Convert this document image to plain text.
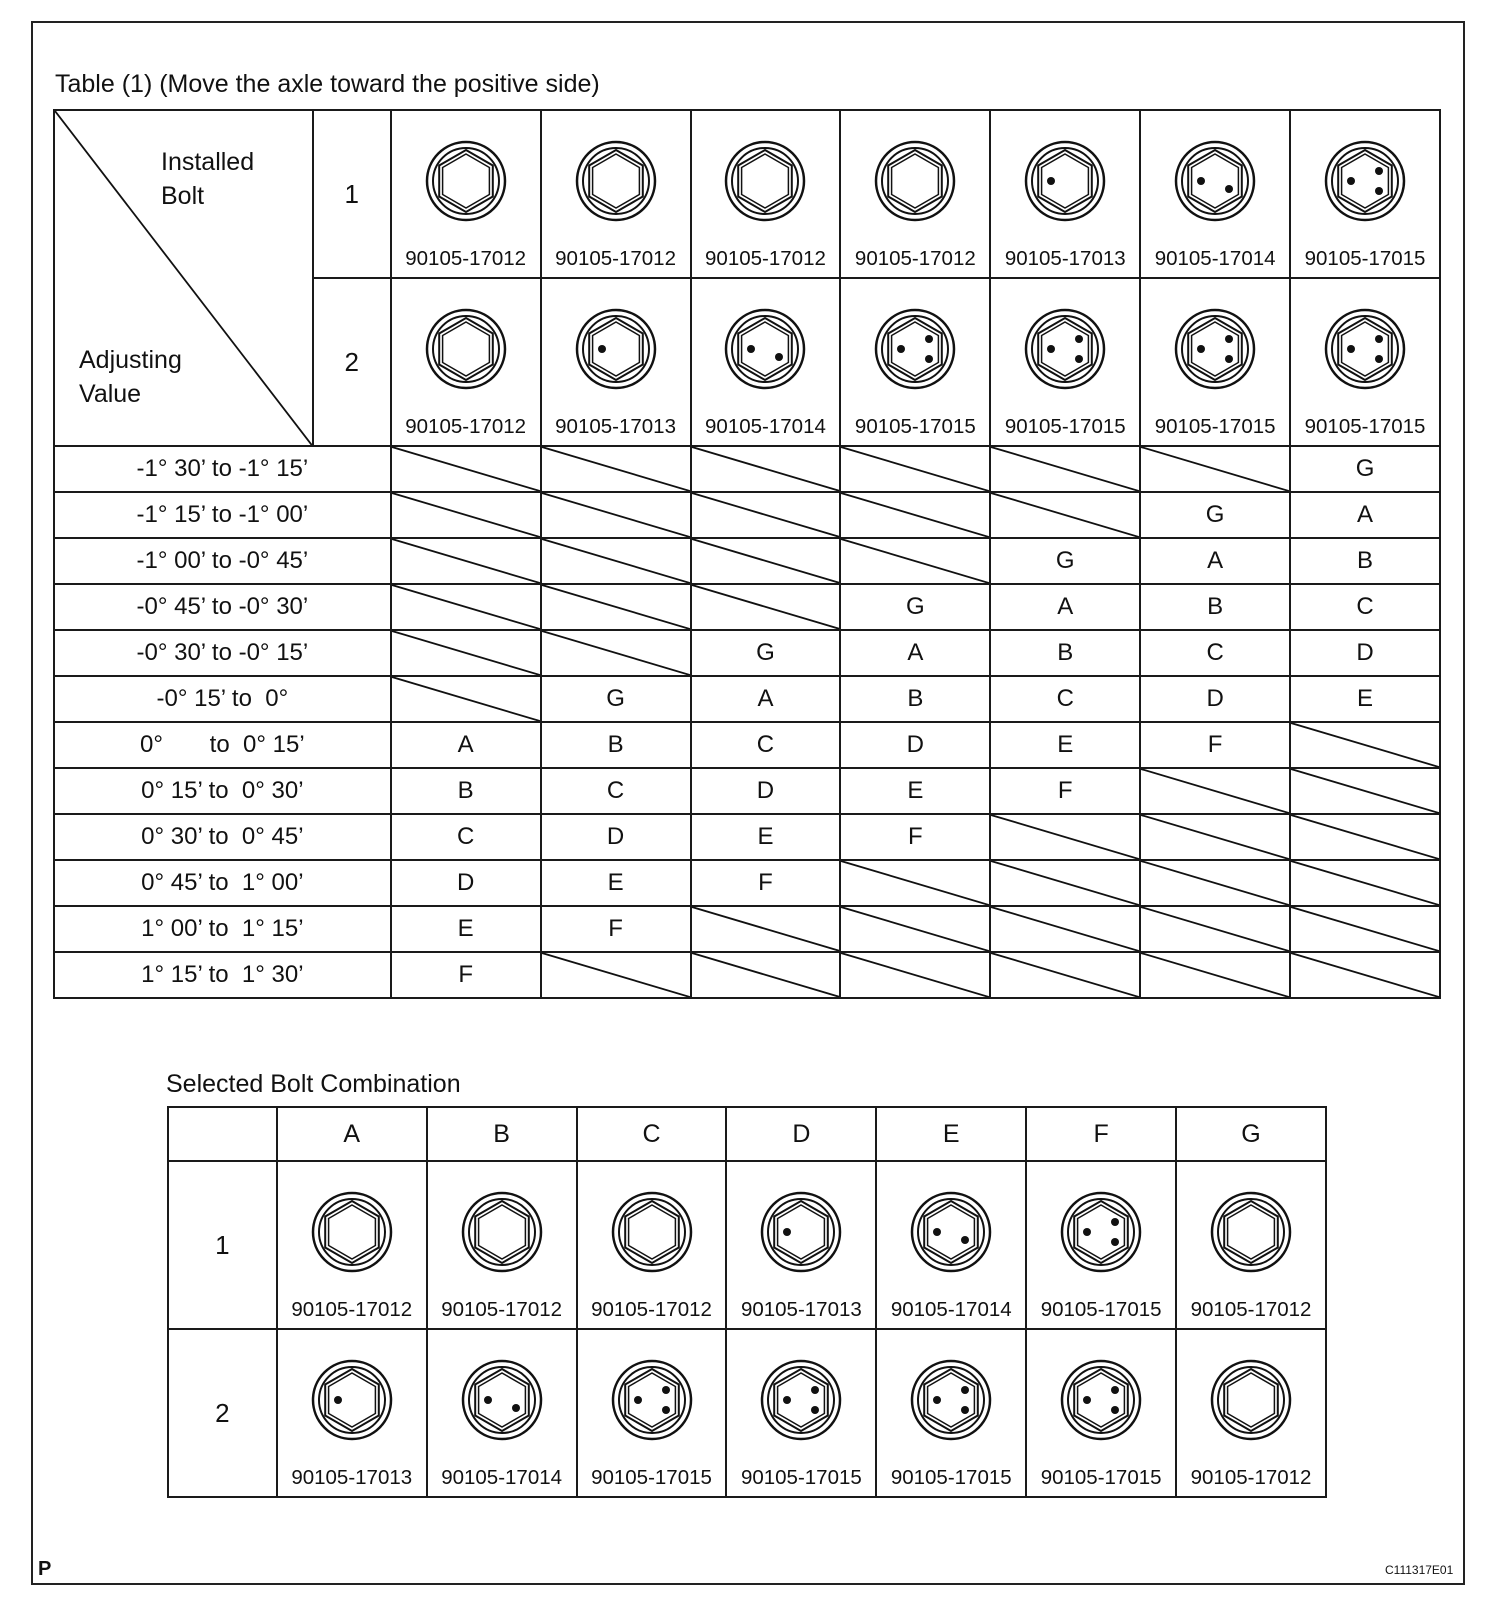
Table (1) (Move the axle toward the positive side)
Installed
Bolt
Adjusting
Value	1	90105-17012	90105-17012	90105-17012	90105-17012	90105-17013	90105-17014	90105-17015

	2	90105-17012	90105-17013	90105-17014	90105-17015	90105-17015	90105-17015	90105-17015

-1° 30’ to -1° 15’								G
-1° 15’ to -1° 00’							G	A
-1° 00’ to -0° 45’						G	A	B
-0° 45’ to -0° 30’					G	A	B	C
-0° 30’ to -0° 15’				G	A	B	C	D
-0° 15’ to  0°			G	A	B	C	D	E
0°       to  0° 15’		A	B	C	D	E	F	

0° 15’ to  0° 30’		B	C	D	E	F	

0° 30’ to  0° 45’		C	D	E	F	

0° 45’ to  1° 00’		D	E	F	

1° 00’ to  1° 15’		E	F	

1° 15’ to  1° 30’		F	

Selected Bolt Combination
	A	B	C	D	E	F	G
1	90105-17012	90105-17012	90105-17012	90105-17013	90105-17014	90105-17015	90105-17012

2	90105-17013	90105-17014	90105-17015	90105-17015	90105-17015	90105-17015	90105-17012
P	C111317E01
